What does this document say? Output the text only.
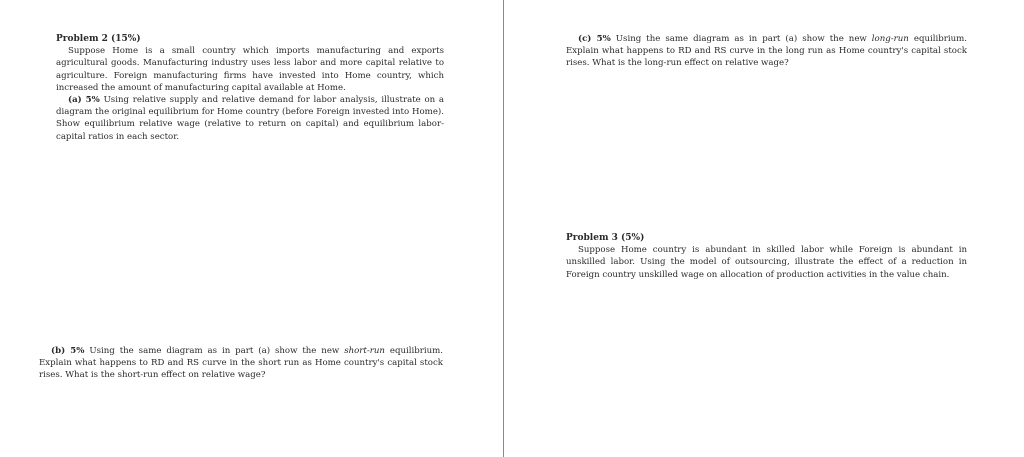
Problem 2 (15%)

Suppose Home is a small country which imports manufacturing and exports agricultural goods. Manufacturing industry uses less labor and more capital relative to agriculture. Foreign manufacturing firms have invested into Home country, which increased the amount of manufacturing capital available at Home.

(a) 5% Using relative supply and relative demand for labor analysis, illustrate on a diagram the original equilibrium for Home country (before Foreign invested into Home). Show equilibrium relative wage (relative to return on capital) and equilibrium labor-capital ratios in each sector.

(b) 5% Using the same diagram as in part (a) show the new short-run equilibrium. Explain what happens to RD and RS curve in the short run as Home country's capital stock rises. What is the short-run effect on relative wage?

(c) 5% Using the same diagram as in part (a) show the new long-run equilibrium. Explain what happens to RD and RS curve in the long run as Home country's capital stock rises. What is the long-run effect on relative wage?

Problem 3 (5%)

Suppose Home country is abundant in skilled labor while Foreign is abundant in unskilled labor. Using the model of outsourcing, illustrate the effect of a reduction in Foreign country unskilled wage on allocation of production activities in the value chain.
